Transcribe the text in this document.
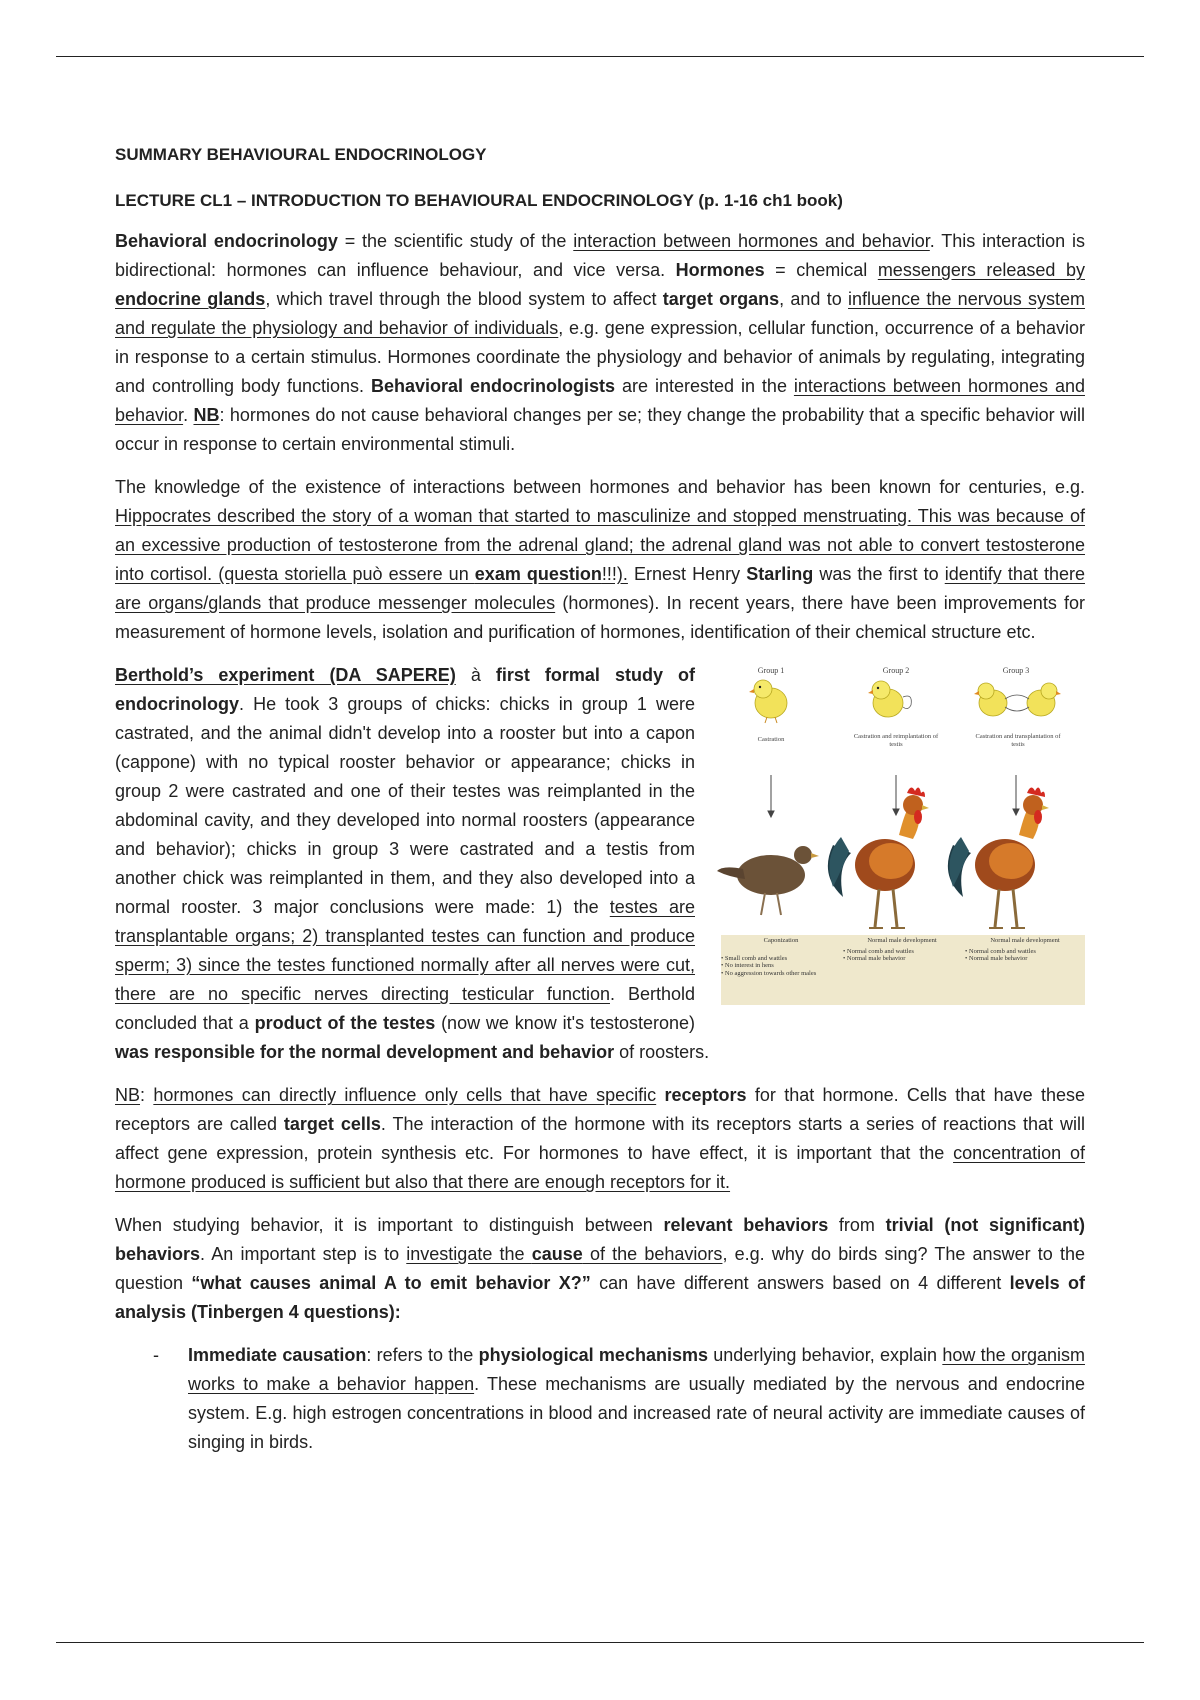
SUMMARY BEHAVIOURAL ENDOCRINOLOGY
LECTURE CL1 – INTRODUCTION TO BEHAVIOURAL ENDOCRINOLOGY (p. 1-16 ch1 book)

Behavioral endocrinology = the scientific study of the interaction between hormones and behavior. This interaction is bidirectional: hormones can influence behaviour, and vice versa. Hormones = chemical messengers released by endocrine glands, which travel through the blood system to affect target organs, and to influence the nervous system and regulate the physiology and behavior of individuals, e.g. gene expression, cellular function, occurrence of a behavior in response to a certain stimulus. Hormones coordinate the physiology and behavior of animals by regulating, integrating and controlling body functions. Behavioral endocrinologists are interested in the interactions between hormones and behavior. NB: hormones do not cause behavioral changes per se; they change the probability that a specific behavior will occur in response to certain environmental stimuli.

The knowledge of the existence of interactions between hormones and behavior has been known for centuries, e.g. Hippocrates described the story of a woman that started to masculinize and stopped menstruating. This was because of an excessive production of testosterone from the adrenal gland; the adrenal gland was not able to convert testosterone into cortisol. (questa storiella può essere un exam question!!!). Ernest Henry Starling was the first to identify that there are organs/glands that produce messenger molecules (hormones). In recent years, there have been improvements for measurement of hormone levels, isolation and purification of hormones, identification of their chemical structure etc.

Group 1	Group 2	Group 3
Castration	Castration and reimplantation of testis
Castration and transplantation of testis
Caponization
• Small comb and wattles
• No interest in hens
• No aggression towards other males
Normal male development
• Normal comb and wattles
• Normal male behavior
Normal male development
• Normal comb and wattles
• Normal male behavior

Berthold’s experiment (DA SAPERE) à first formal study of endocrinology. He took 3 groups of chicks: chicks in group 1 were castrated, and the animal didn't develop into a rooster but into a capon (cappone) with no typical rooster behavior or appearance; chicks in group 2 were castrated and one of their testes was reimplanted in the abdominal cavity, and they developed into normal roosters (appearance and behavior); chicks in group 3 were castrated and a testis from another chick was reimplanted in them, and they also developed into a normal rooster. 3 major conclusions were made: 1) the testes are transplantable organs; 2) transplanted testes can function and produce sperm; 3) since the testes functioned normally after all nerves were cut, there are no specific nerves directing testicular function. Berthold concluded that a product of the testes (now we know it's testosterone) was responsible for the normal development and behavior of roosters.

NB: hormones can directly influence only cells that have specific receptors for that hormone. Cells that have these receptors are called target cells. The interaction of the hormone with its receptors starts a series of reactions that will affect gene expression, protein synthesis etc. For hormones to have effect, it is important that the concentration of hormone produced is sufficient but also that there are enough receptors for it.

When studying behavior, it is important to distinguish between relevant behaviors from trivial (not significant) behaviors. An important step is to investigate the cause of the behaviors, e.g. why do birds sing? The answer to the question “what causes animal A to emit behavior X?” can have different answers based on 4 different levels of analysis (Tinbergen 4 questions):

- Immediate causation: refers to the physiological mechanisms underlying behavior, explain how the organism works to make a behavior happen. These mechanisms are usually mediated by the nervous and endocrine system. E.g. high estrogen concentrations in blood and increased rate of neural activity are immediate causes of singing in birds.
